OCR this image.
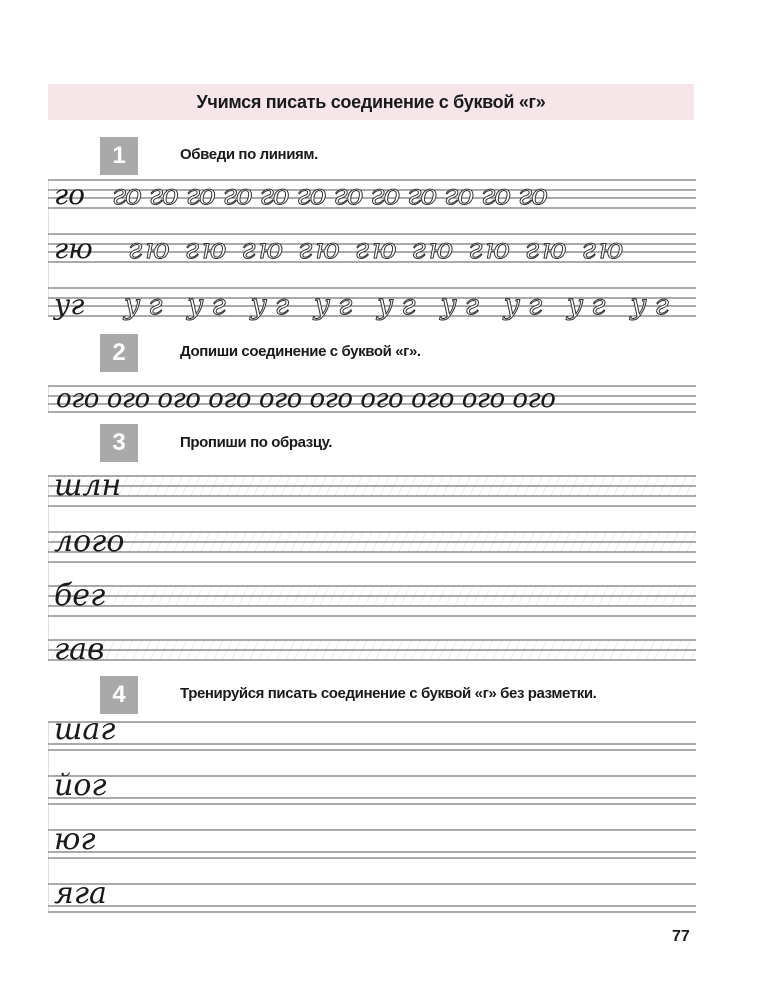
Учимся писать соединение с буквой «г»
1	Обведи по линиям.
го го го го го го го го го го го го го
гю гю гю гю гю гю гю гю гю гю
уг уг уг уг уг уг уг уг уг уг
2	Допиши соединение с буквой «г».
ого ого ого ого ого ого ого ого ого ого
3	Пропиши по образцу.
шлн
лого
бег
гав
4	Тренируйся писать соединение с буквой «г» без разметки.
шаг
йог
юг
яга
77
